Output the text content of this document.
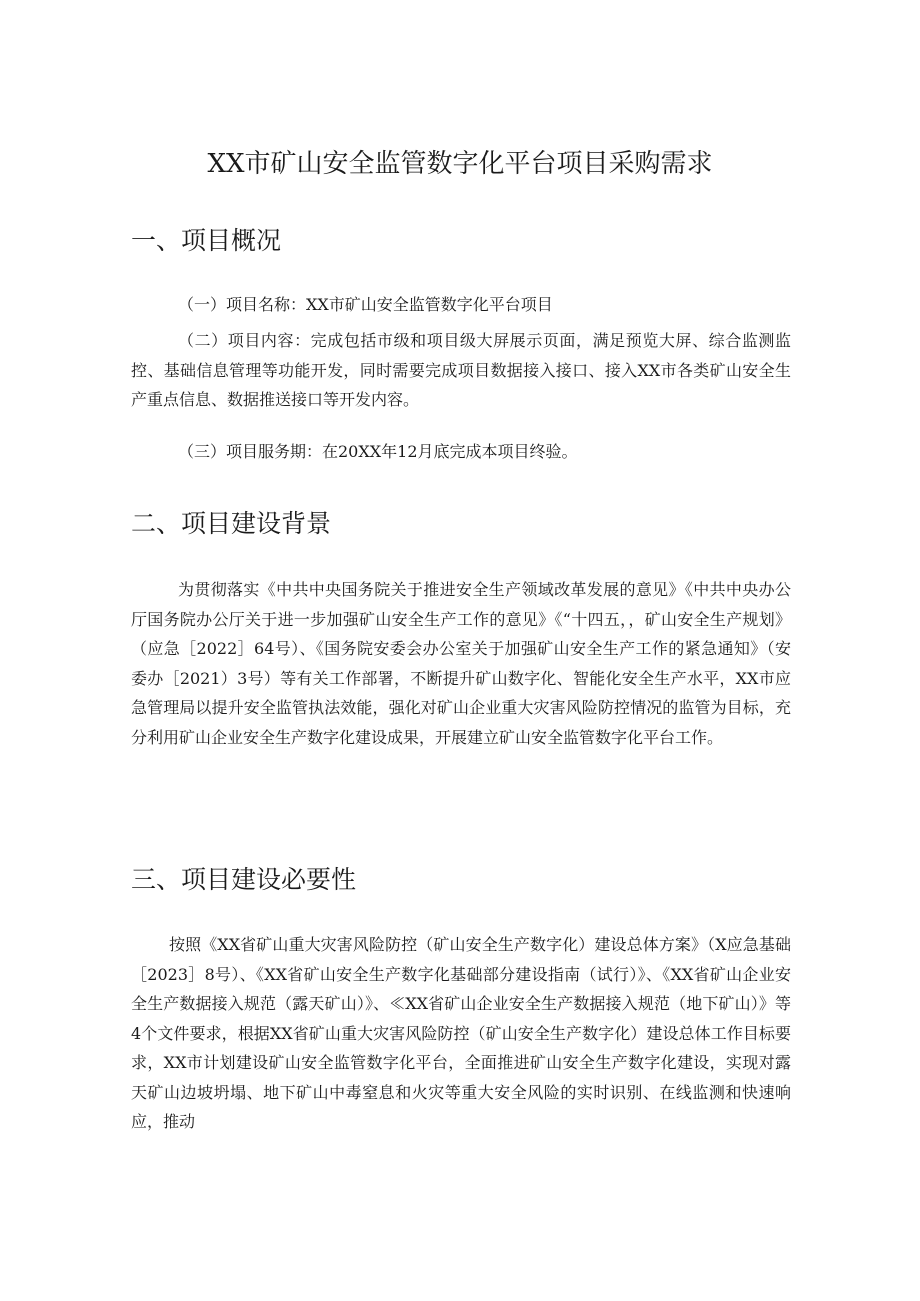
XX市矿山安全监管数字化平台项目采购需求
一、项目概况

（一）项目名称：XX市矿山安全监管数字化平台项目

（二）项目内容：完成包括市级和项目级大屏展示页面，满足预览大屏、综合监测监控、基础信息管理等功能开发，同时需要完成项目数据接入接口、接入XX市各类矿山安全生产重点信息、数据推送接口等开发内容。

（三）项目服务期：在20XX年12月底完成本项目终验。

二、项目建设背景

为贯彻落实《中共中央国务院关于推进安全生产领域改革发展的意见》《中共中央办公厅国务院办公厅关于进一步加强矿山安全生产工作的意见》《“十四五，，矿山安全生产规划》（应急［2022］64号）、《国务院安委会办公室关于加强矿山安全生产工作的紧急通知》（安委办［2021）3号）等有关工作部署，不断提升矿山数字化、智能化安全生产水平，XX市应急管理局以提升安全监管执法效能，强化对矿山企业重大灾害风险防控情况的监管为目标，充分利用矿山企业安全生产数字化建设成果，开展建立矿山安全监管数字化平台工作。

三、项目建设必要性

按照《XX省矿山重大灾害风险防控（矿山安全生产数字化）建设总体方案》（X应急基础［2023］8号）、《XX省矿山安全生产数字化基础部分建设指南（试行）》、《XX省矿山企业安全生产数据接入规范（露天矿山）》、≪XX省矿山企业安全生产数据接入规范（地下矿山）》等4个文件要求，根据XX省矿山重大灾害风险防控（矿山安全生产数字化）建设总体工作目标要求，XX市计划建设矿山安全监管数字化平台，全面推进矿山安全生产数字化建设，实现对露天矿山边坡坍塌、地下矿山中毒窒息和火灾等重大安全风险的实时识别、在线监测和快速响应，推动
